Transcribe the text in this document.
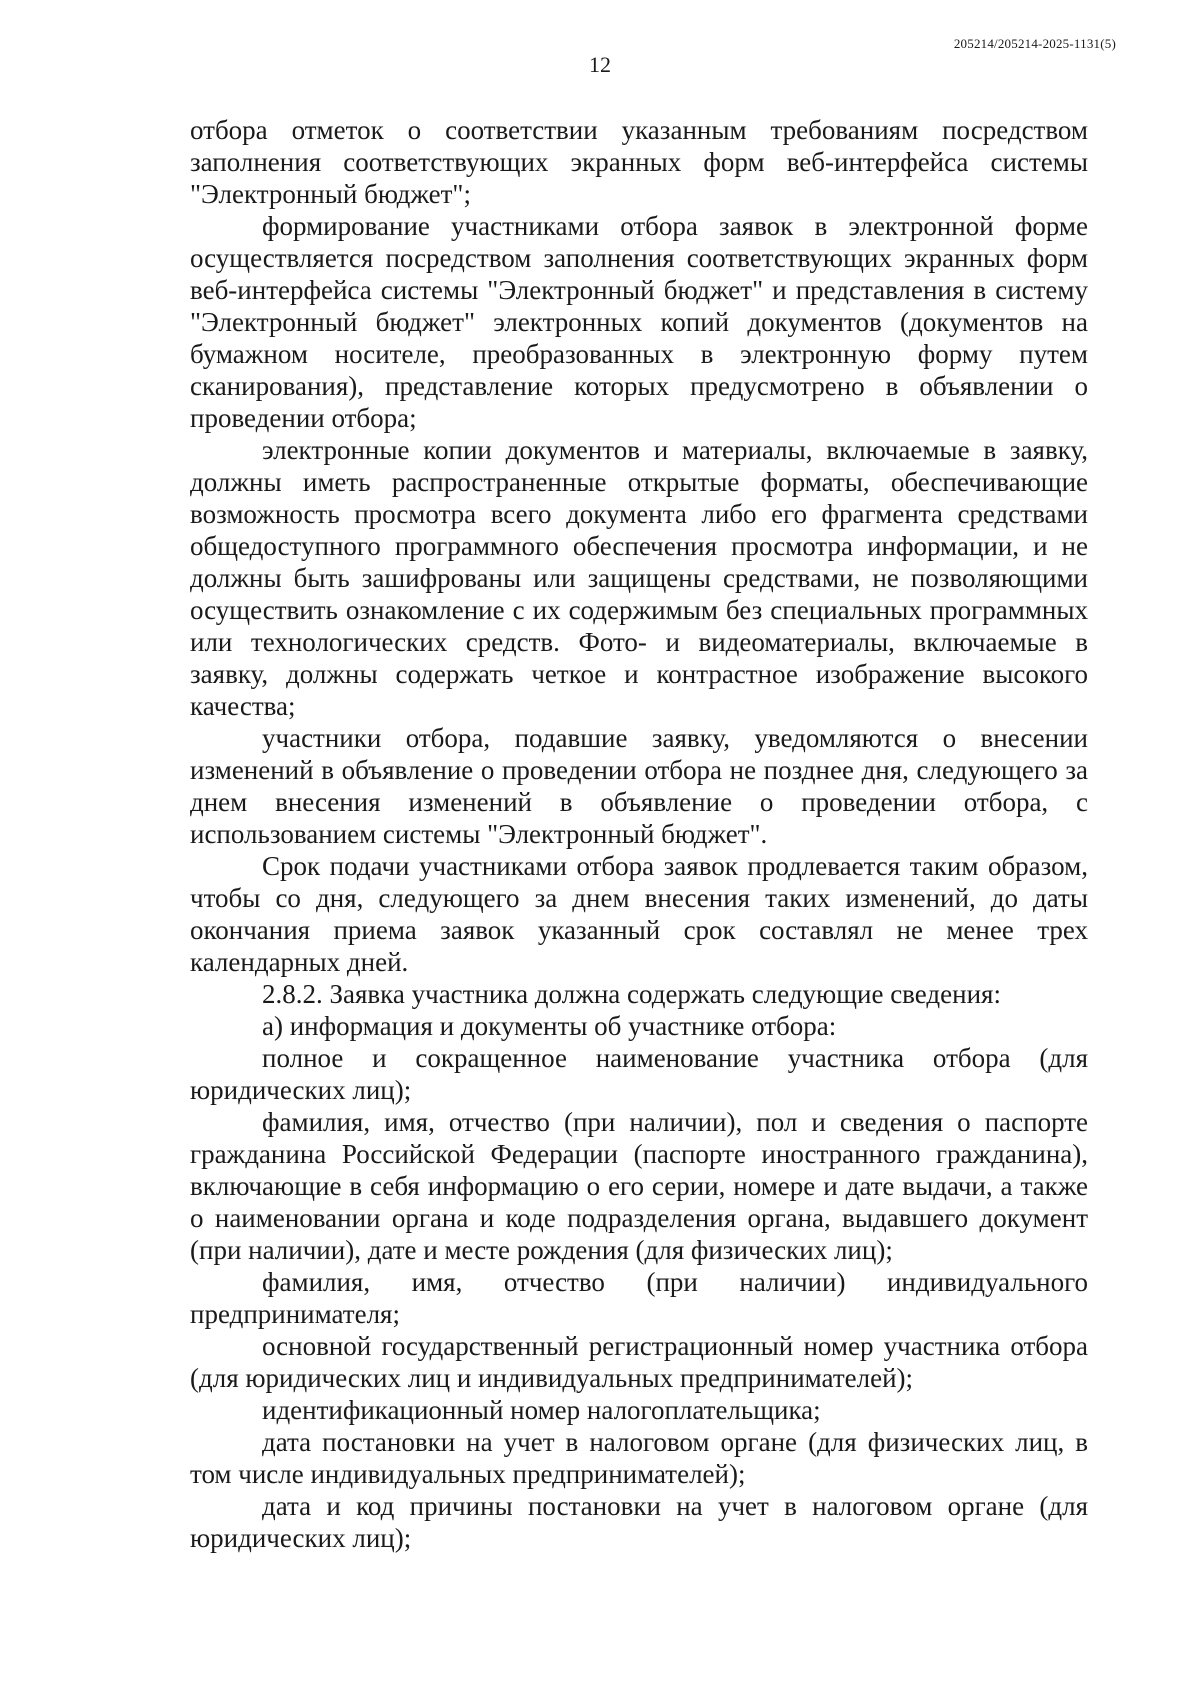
205214/205214-2025-1131(5)
12

отбора отметок о соответствии указанным требованиям посредством заполнения соответствующих экранных форм веб-интерфейса системы "Электронный бюджет";

формирование участниками отбора заявок в электронной форме осуществляется посредством заполнения соответствующих экранных форм веб-интерфейса системы "Электронный бюджет" и представления в систему "Электронный бюджет" электронных копий документов (документов на бумажном носителе, преобразованных в электронную форму путем сканирования), представление которых предусмотрено в объявлении о проведении отбора;

электронные копии документов и материалы, включаемые в заявку, должны иметь распространенные открытые форматы, обеспечивающие возможность просмотра всего документа либо его фрагмента средствами общедоступного программного обеспечения просмотра информации, и не должны быть зашифрованы или защищены средствами, не позволяющими осуществить ознакомление с их содержимым без специальных программных или технологических средств. Фото- и видеоматериалы, включаемые в заявку, должны содержать четкое и контрастное изображение высокого качества;

участники отбора, подавшие заявку, уведомляются о внесении изменений в объявление о проведении отбора не позднее дня, следующего за днем внесения изменений в объявление о проведении отбора, с использованием системы "Электронный бюджет".

Срок подачи участниками отбора заявок продлевается таким образом, чтобы со дня, следующего за днем внесения таких изменений, до даты окончания приема заявок указанный срок составлял не менее трех календарных дней.

2.8.2. Заявка участника должна содержать следующие сведения:

а) информация и документы об участнике отбора:

полное и сокращенное наименование участника отбора (для юридических лиц);

фамилия, имя, отчество (при наличии), пол и сведения о паспорте гражданина Российской Федерации (паспорте иностранного гражданина), включающие в себя информацию о его серии, номере и дате выдачи, а также о наименовании органа и коде подразделения органа, выдавшего документ (при наличии), дате и месте рождения (для физических лиц);

фамилия, имя, отчество (при наличии) индивидуального предпринимателя;

основной государственный регистрационный номер участника отбора (для юридических лиц и индивидуальных предпринимателей);

идентификационный номер налогоплательщика;

дата постановки на учет в налоговом органе (для физических лиц, в том числе индивидуальных предпринимателей);

дата и код причины постановки на учет в налоговом органе (для юридических лиц);
